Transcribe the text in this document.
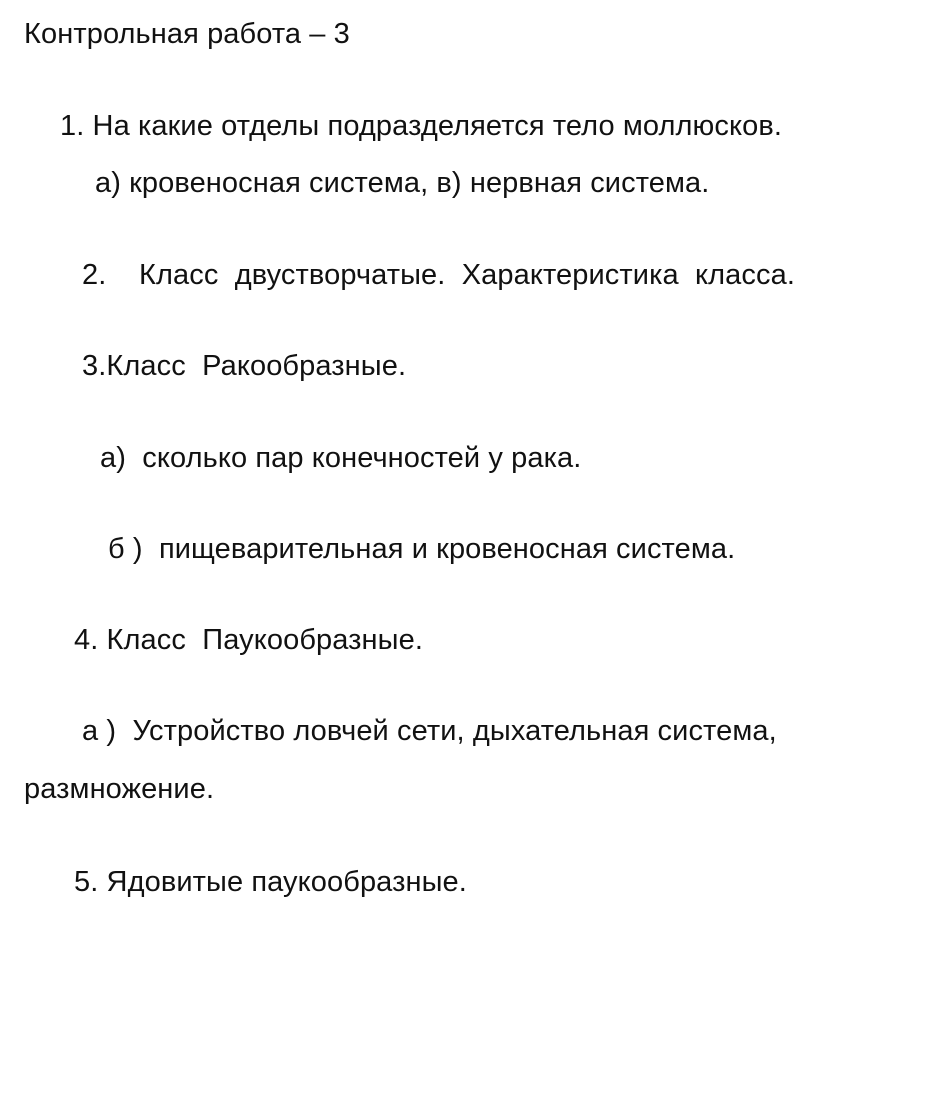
Контрольная работа – 3
1. На какие отделы подразделяется тело моллюсков.
а) кровеносная система, в) нервная система.
2.    Класс  двустворчатые.  Характеристика  класса.
3.Класс  Ракообразные.
а)  сколько пар конечностей у рака.
б )  пищеварительная и кровеносная система.
4. Класс  Паукообразные.
а )  Устройство ловчей сети, дыхательная система,
размножение.
5. Ядовитые паукообразные.
